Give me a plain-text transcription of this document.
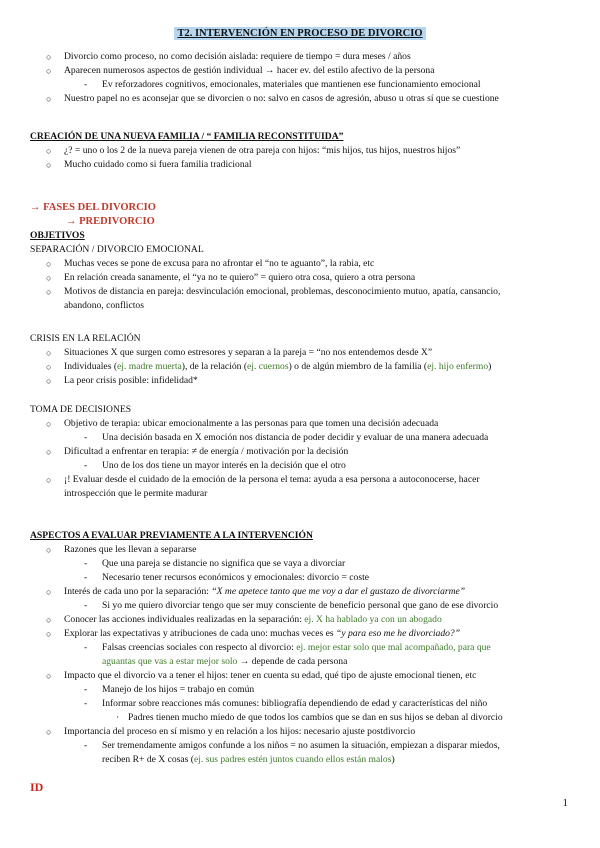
T2. INTERVENCIÓN EN PROCESO DE DIVORCIO
○ Divorcio como proceso, no como decisión aislada: requiere de tiempo = dura meses / años
○ Aparecen numerosos aspectos de gestión individual → hacer ev. del estilo afectivo de la persona
- Ev reforzadores cognitivos, emocionales, materiales que mantienen ese funcionamiento emocional
○ Nuestro papel no es aconsejar que se divorcien o no: salvo en casos de agresión, abuso u otras sí que se cuestione
CREACIÓN DE UNA NUEVA FAMILIA / “ FAMILIA RECONSTITUIDA”
○ ¿? = uno o los 2 de la nueva pareja vienen de otra pareja con hijos: “mis hijos, tus hijos, nuestros hijos”
○ Mucho cuidado como si fuera familia tradicional
→ FASES DEL DIVORCIO
→ PREDIVORCIO
OBJETIVOS
SEPARACIÓN / DIVORCIO EMOCIONAL
○ Muchas veces se pone de excusa para no afrontar el “no te aguanto”, la rabia, etc
○ En relación creada sanamente, el “ya no te quiero” = quiero otra cosa, quiero a otra persona
○ Motivos de distancia en pareja: desvinculación emocional, problemas, desconocimiento mutuo, apatía, cansancio,
abandono, conflictos
CRISIS EN LA RELACIÓN
○ Situaciones X que surgen como estresores y separan a la pareja = “no nos entendemos desde X”
○ Individuales (ej. madre muerta), de la relación (ej. cuernos) o de algún miembro de la familia (ej. hijo enfermo)
○ La peor crisis posible: infidelidad*
TOMA DE DECISIONES
○ Objetivo de terapia: ubicar emocionalmente a las personas para que tomen una decisión adecuada
- Una decisión basada en X emoción nos distancia de poder decidir y evaluar de una manera adecuada
○ Dificultad a enfrentar en terapia: ≠ de energía / motivación por la decisión
- Uno de los dos tiene un mayor interés en la decisión que el otro
○ ¡! Evaluar desde el cuidado de la emoción de la persona el tema: ayuda a esa persona a autoconocerse, hacer
introspección que le permite madurar
ASPECTOS A EVALUAR PREVIAMENTE A LA INTERVENCIÓN
○ Razones que les llevan a separarse
- Que una pareja se distancie no significa que se vaya a divorciar
- Necesario tener recursos económicos y emocionales: divorcio = coste
○ Interés de cada uno por la separación: “X me apetece tanto que me voy a dar el gustazo de divorciarme”
- Si yo me quiero divorciar tengo que ser muy consciente de beneficio personal que gano de ese divorcio
○ Conocer las acciones individuales realizadas en la separación: ej. X ha hablado ya con un abogado
○ Explorar las expectativas y atribuciones de cada uno: muchas veces es “y para eso me he divorciado?”
- Falsas creencias sociales con respecto al divorcio: ej. mejor estar solo que mal acompañado, para que
aguantas que vas a estar mejor solo → depende de cada persona
○ Impacto que el divorcio va a tener el hijos: tener en cuenta su edad, qué tipo de ajuste emocional tienen, etc
- Manejo de los hijos = trabajo en común
- Informar sobre reacciones más comunes: bibliografía dependiendo de edad y características del niño
· Padres tienen mucho miedo de que todos los cambios que se dan en sus hijos se deban al divorcio
○ Importancia del proceso en sí mismo y en relación a los hijos: necesario ajuste postdivorcio
- Ser tremendamente amigos confunde a los niños = no asumen la situación, empiezan a disparar miedos,
reciben R+ de X cosas (ej. sus padres estén juntos cuando ellos están malos)
ID
1
